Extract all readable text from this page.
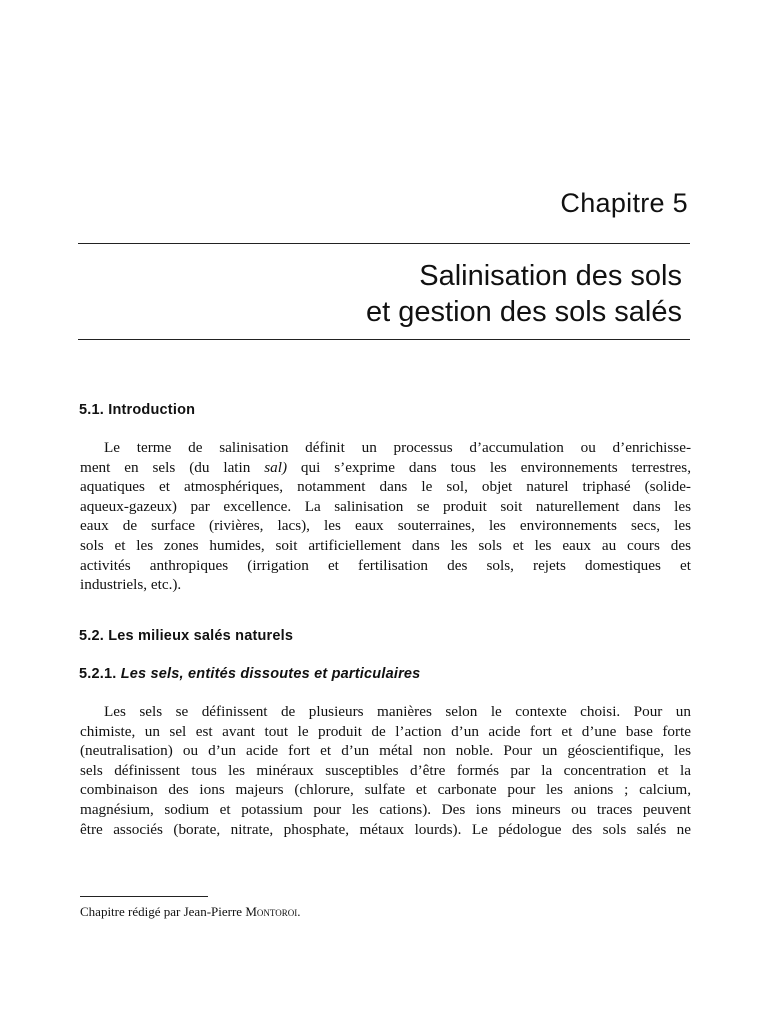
Chapitre 5
Salinisation des sols
et gestion des sols salés
5.1. Introduction
Le terme de salinisation définit un processus d’accumulation ou d’enrichisse-
ment en sels (du latin sal) qui s’exprime dans tous les environnements terrestres,
aquatiques et atmosphériques, notamment dans le sol, objet naturel triphasé (solide-
aqueux-gazeux) par excellence. La salinisation se produit soit naturellement dans les
eaux de surface (rivières, lacs), les eaux souterraines, les environnements secs, les
sols et les zones humides, soit artificiellement dans les sols et les eaux au cours des
activités anthropiques (irrigation et fertilisation des sols, rejets domestiques et
industriels, etc.).
5.2. Les milieux salés naturels
5.2.1. Les sels, entités dissoutes et particulaires
Les sels se définissent de plusieurs manières selon le contexte choisi. Pour un
chimiste, un sel est avant tout le produit de l’action d’un acide fort et d’une base forte
(neutralisation) ou d’un acide fort et d’un métal non noble. Pour un géoscientifique, les
sels définissent tous les minéraux susceptibles d’être formés par la concentration et la
combinaison des ions majeurs (chlorure, sulfate et carbonate pour les anions ; calcium,
magnésium, sodium et potassium pour les cations). Des ions mineurs ou traces peuvent
être associés (borate, nitrate, phosphate, métaux lourds). Le pédologue des sols salés ne
Chapitre rédigé par Jean-Pierre Montoroi.
